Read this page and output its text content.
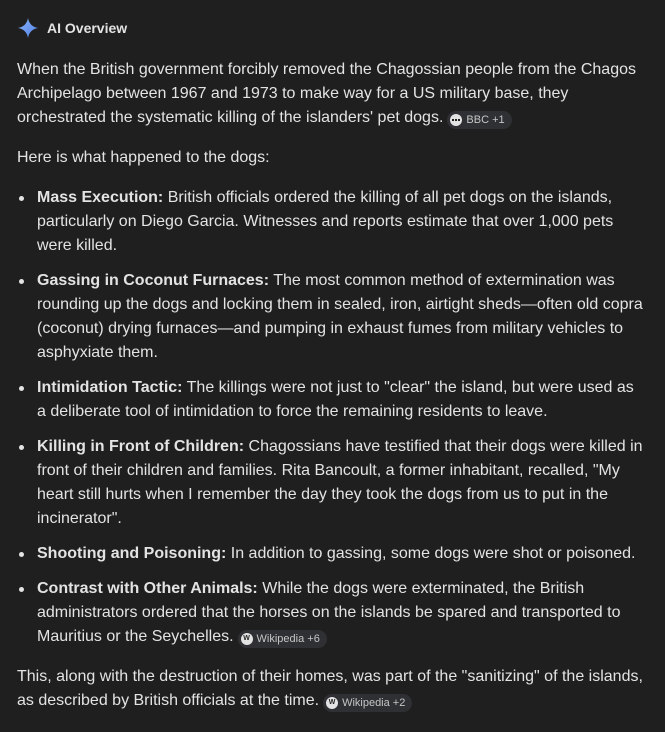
AI Overview

When the British government forcibly removed the Chagossian people from the Chagos Archipelago between 1967 and 1973 to make way for a US military base, they orchestrated the systematic killing of the islanders' pet dogs. BBC +1

Here is what happened to the dogs:

Mass Execution: British officials ordered the killing of all pet dogs on the islands, particularly on Diego Garcia. Witnesses and reports estimate that over 1,000 pets were killed.
Gassing in Coconut Furnaces: The most common method of extermination was rounding up the dogs and locking them in sealed, iron, airtight sheds—often old copra (coconut) drying furnaces—and pumping in exhaust fumes from military vehicles to asphyxiate them.
Intimidation Tactic: The killings were not just to "clear" the island, but were used as a deliberate tool of intimidation to force the remaining residents to leave.
Killing in Front of Children: Chagossians have testified that their dogs were killed in front of their children and families. Rita Bancoult, a former inhabitant, recalled, "My heart still hurts when I remember the day they took the dogs from us to put in the incinerator".
Shooting and Poisoning: In addition to gassing, some dogs were shot or poisoned.
Contrast with Other Animals: While the dogs were exterminated, the British administrators ordered that the horses on the islands be spared and transported to Mauritius or the Seychelles.	W Wikipedia +6

This, along with the destruction of their homes, was part of the "sanitizing" of the islands, as described by British officials at the time.	W Wikipedia +2
